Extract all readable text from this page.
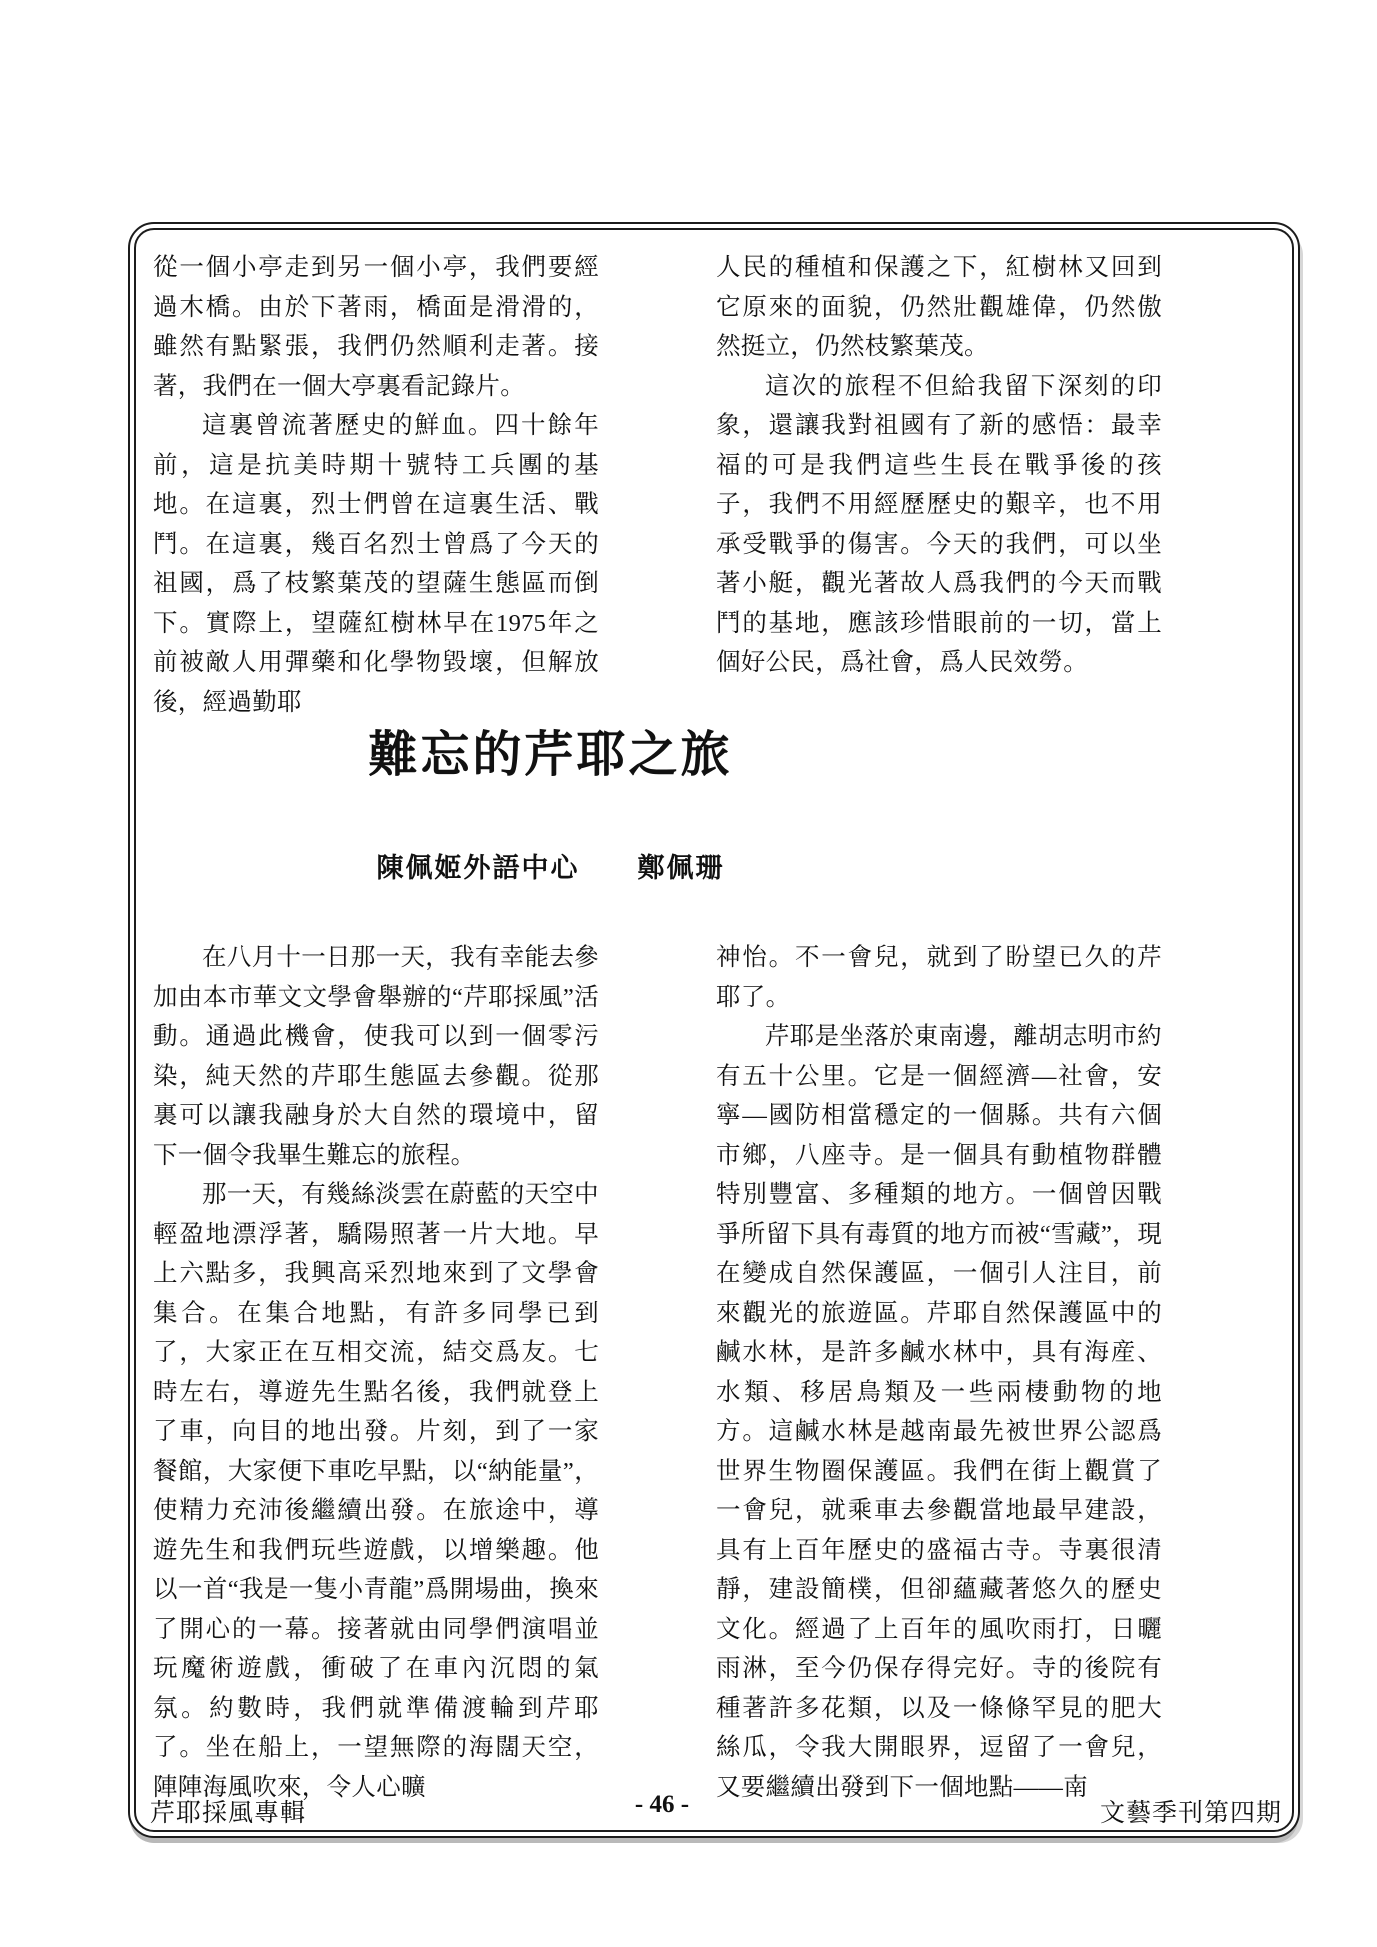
從一個小亭走到另一個小亭，我們要經過木橋。由於下著雨，橋面是滑滑的，雖然有點緊張，我們仍然順利走著。接著，我們在一個大亭裏看記錄片。

這裏曾流著歷史的鮮血。四十餘年前，這是抗美時期十號特工兵團的基地。在這裏，烈士們曾在這裏生活、戰鬥。在這裏，幾百名烈士曾爲了今天的祖國，爲了枝繁葉茂的望薩生態區而倒下。實際上，望薩紅樹林早在1975年之前被敵人用彈藥和化學物毀壞，但解放後，經過勤耶

人民的種植和保護之下，紅樹林又回到它原來的面貌，仍然壯觀雄偉，仍然傲然挺立，仍然枝繁葉茂。

這次的旅程不但給我留下深刻的印象，還讓我對祖國有了新的感悟：最幸福的可是我們這些生長在戰爭後的孩子，我們不用經歷歷史的艱辛，也不用承受戰爭的傷害。今天的我們，可以坐著小艇，觀光著故人爲我們的今天而戰鬥的基地，應該珍惜眼前的一切，當上個好公民，爲社會，爲人民效勞。

難忘的芹耶之旅
陳佩姬外語中心 鄭佩珊

在八月十一日那一天，我有幸能去參加由本市華文文學會舉辦的“芹耶採風”活動。通過此機會，使我可以到一個零污染，純天然的芹耶生態區去參觀。從那裏可以讓我融身於大自然的環境中，留下一個令我畢生難忘的旅程。

那一天，有幾絲淡雲在蔚藍的天空中輕盈地漂浮著，驕陽照著一片大地。早上六點多，我興高采烈地來到了文學會集合。在集合地點，有許多同學已到了，大家正在互相交流，結交爲友。七時左右，導遊先生點名後，我們就登上了車，向目的地出發。片刻，到了一家餐館，大家便下車吃早點，以“納能量”，使精力充沛後繼續出發。在旅途中，導遊先生和我們玩些遊戲，以增樂趣。他以一首“我是一隻小青龍”爲開場曲，換來了開心的一幕。接著就由同學們演唱並玩魔術遊戲，衝破了在車內沉悶的氣氛。約數時，我們就準備渡輪到芹耶了。坐在船上，一望無際的海闊天空，陣陣海風吹來，令人心曠

神怡。不一會兒，就到了盼望已久的芹耶了。

芹耶是坐落於東南邊，離胡志明市約有五十公里。它是一個經濟—社會，安寧—國防相當穩定的一個縣。共有六個市鄉，八座寺。是一個具有動植物群體特別豐富、多種類的地方。一個曾因戰爭所留下具有毒質的地方而被“雪藏”，現在變成自然保護區，一個引人注目，前來觀光的旅遊區。芹耶自然保護區中的鹹水林，是許多鹹水林中，具有海産、水類、移居鳥類及一些兩棲動物的地方。這鹹水林是越南最先被世界公認爲世界生物圈保護區。我們在街上觀賞了一會兒，就乘車去參觀當地最早建設，具有上百年歷史的盛福古寺。寺裏很清靜，建設簡樸，但卻蘊藏著悠久的歷史文化。經過了上百年的風吹雨打，日曬雨淋，至今仍保存得完好。寺的後院有種著許多花類，以及一條條罕見的肥大絲瓜，令我大開眼界，逗留了一會兒，又要繼續出發到下一個地點——南

芹耶採風專輯	- 46 -	文藝季刊第四期
